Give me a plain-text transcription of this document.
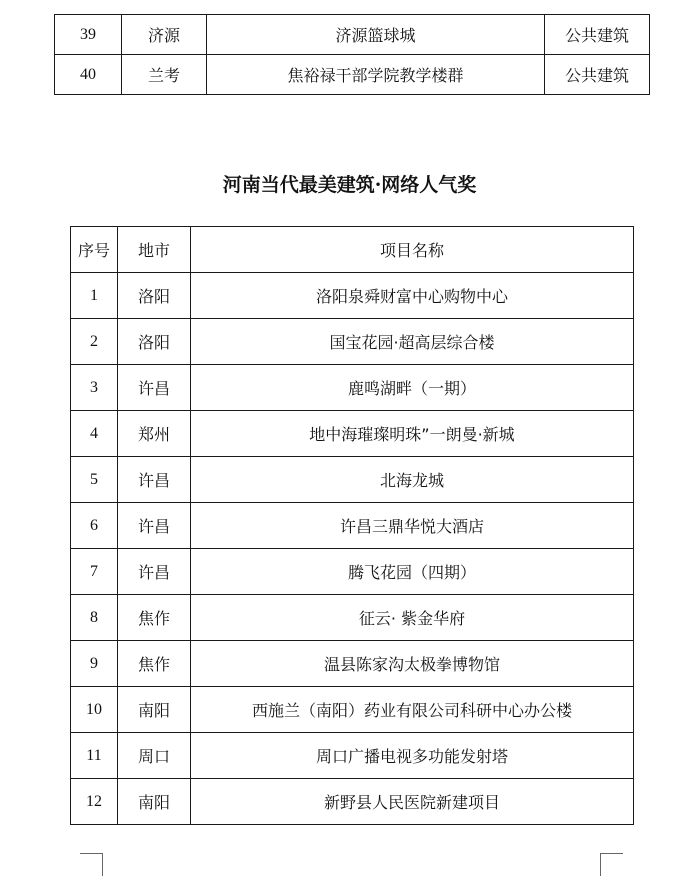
39	济源	济源篮球城	公共建筑
40	兰考	焦裕禄干部学院教学楼群	公共建筑
河南当代最美建筑·网络人气奖
序号	地市	项目名称
1	洛阳	洛阳泉舜财富中心购物中心
2	洛阳	国宝花园·超高层综合楼
3	许昌	鹿鸣湖畔（一期）
4	郑州	地中海璀璨明珠”一朗曼·新城
5	许昌	北海龙城
6	许昌	许昌三鼎华悦大酒店
7	许昌	腾飞花园（四期）
8	焦作	征云· 紫金华府
9	焦作	温县陈家沟太极拳博物馆
10	南阳	西施兰（南阳）药业有限公司科研中心办公楼
11	周口	周口广播电视多功能发射塔
12	南阳	新野县人民医院新建项目
